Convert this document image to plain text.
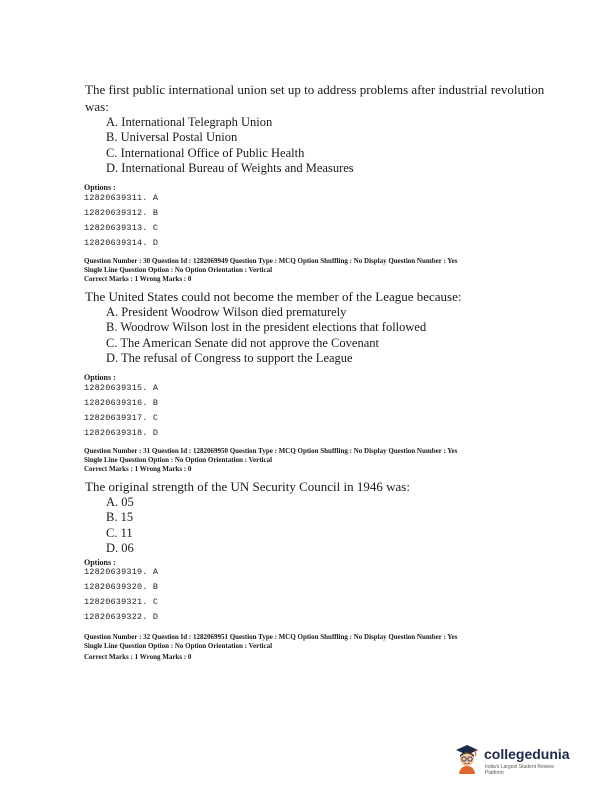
The first public international union set up to address problems after industrial revolution
was:
A. International Telegraph Union
B. Universal Postal Union
C. International Office of Public Health
D. International Bureau of Weights and Measures
Options :
12820639311. A
12820639312. B
12820639313. C
12820639314. D
Question Number : 30 Question Id : 1282069949 Question Type : MCQ Option Shuffling : No Display Question Number : Yes
Single Line Question Option : No Option Orientation : Vertical
Correct Marks : 1 Wrong Marks : 0
The United States could not become the member of the League because:
A. President Woodrow Wilson died prematurely
B. Woodrow Wilson lost in the president elections that followed
C. The American Senate did not approve the Covenant
D. The refusal of Congress to support the League
Options :
12820639315. A
12820639316. B
12820639317. C
12820639318. D
Question Number : 31 Question Id : 1282069950 Question Type : MCQ Option Shuffling : No Display Question Number : Yes
Single Line Question Option : No Option Orientation : Vertical
Correct Marks : 1 Wrong Marks : 0
The original strength of the UN Security Council in 1946 was:
A. 05
B. 15
C. 11
D. 06
Options :
12820639319. A
12820639320. B
12820639321. C
12820639322. D
Question Number : 32 Question Id : 1282069951 Question Type : MCQ Option Shuffling : No Display Question Number : Yes
Single Line Question Option : No Option Orientation : Vertical
Correct Marks : 1 Wrong Marks : 0
collegedunia
India's Largest Student Review Platform
